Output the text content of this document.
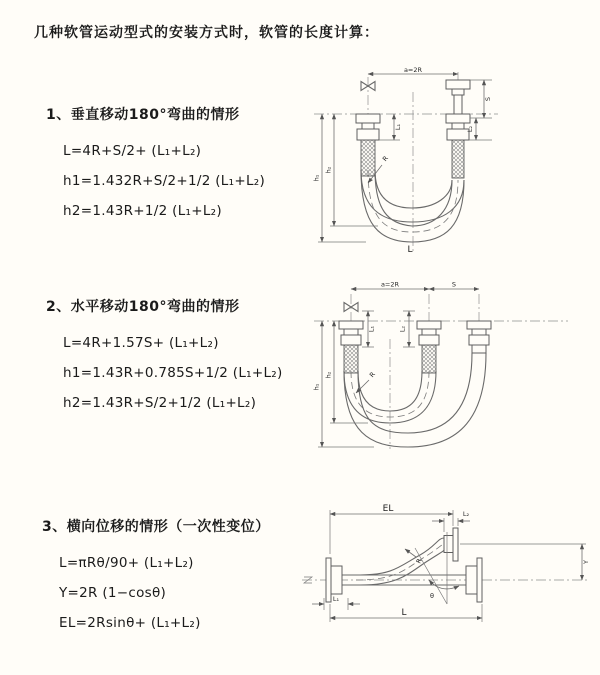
几种软管运动型式的安装方式时，软管的长度计算：
1、垂直移动180°弯曲的情形
L=4R+S/2+ (L₁+L₂)
h1=1.432R+S/2+1/2 (L₁+L₂)
h2=1.43R+1/2 (L₁+L₂)
2、水平移动180°弯曲的情形
L=4R+1.57S+ (L₁+L₂)
h1=1.43R+0.785S+1/2 (L₁+L₂)
h2=1.43R+S/2+1/2 (L₁+L₂)
3、横向位移的情形（一次性变位）
L=πRθ/90+ (L₁+L₂)
Y=2R (1−cosθ)
EL=2Rsinθ+ (L₁+L₂)
a=2R
S
L₂
L₁
h₁
h₂
R
L
a=2R	S
L₁	L₂
h₁
h₂	R
θ
EL	L₂
Y
L₁
L
R
